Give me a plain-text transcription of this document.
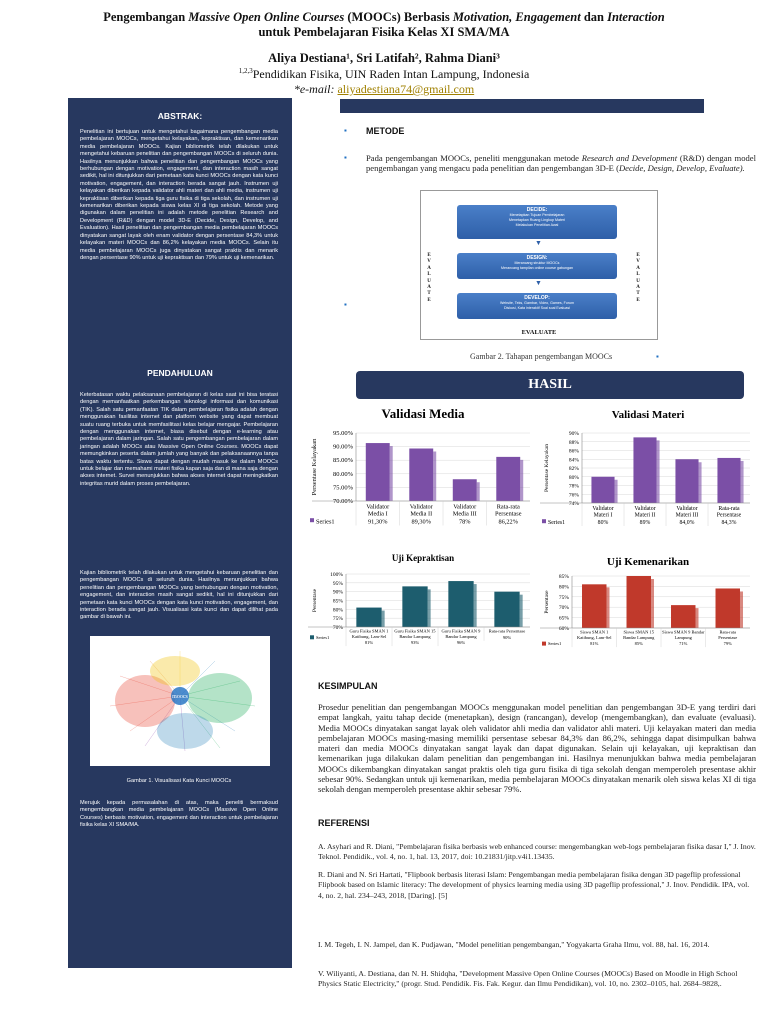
Pengembangan Massive Open Online Courses (MOOCs) Berbasis Motivation, Engagement dan Interaction
untuk Pembelajaran Fisika Kelas XI SMA/MA
Aliya Destiana¹, Sri Latifah², Rahma Diani³
$^{1,2,3}$Pendidikan Fisika, UIN Raden Intan Lampung, Indonesia
*e-mail: aliyadestiana74@gmail.com
ABSTRAK:
Penelitian ini bertujuan untuk mengetahui bagaimana pengembangan media pembelajaran MOOCs, mengetahui kelayakan, kepraktisan, dan kemenarikan media pembelajaran MOOCs. Kajian bibliometrik telah dilakukan untuk mengetahui kebaruan penelitian dan pengembangan MOOCs di seluruh dunia. Hasilnya menunjukkan bahwa penelitian dan pengembangan MOOCs yang berhubungan dengan motivation, engagement, dan interaction masih sangat sedikit, hal ini ditunjukkan dari pemetaan kata kunci MOOCs dengan kata kunci motivation, engagement, dan interaction berada sangat jauh. Instrumen uji kelayakan diberikan kepada validator ahli materi dan ahli media, instrumen uji kepraktisan diberikan kepada tiga guru fisika di tiga sekolah, dan instrumen uji kemenarikan diberikan kepada siswa kelas XI di tiga sekolah. Metode yang digunakan dalam penelitian ini adalah metode penelitian Research and Development (R&D) dengan model 3D-E (Decide, Design, Develop, and Evaluation). Hasil penelitian dan pengembangan media pembelajaran MOOCs dinyatakan sangat layak oleh enam validator dengan persentase 84,3% untuk kelayakan materi MOOCs dan 86,2% kelayakan media MOOCs. Selain itu media pembelajaran MOOCs juga dinyatakan sangat praktis dan menarik dengan persentase 90% untuk uji kepraktisan dan 79% untuk uji kemenarikan.
PENDAHULUAN
Keterbatasan waktu pelaksanaan pembelajaran di kelas saat ini bisa teratasi dengan memanfaatkan perkembangan teknologi informasi dan komunikasi (TIK). Salah satu pemanfaatan TIK dalam pembelajaran fisika adalah dengan menggunakan fasilitas internet dan platform website yang dapat membuat suatu ruang terbuka untuk memfasilitasi kelas belajar mengajar. Pembelajaran dengan menggunakan internet, biasa disebut dengan e-learning atau pembelajaran dalam jaringan. Salah satu pengembangan pembelajaran dalam jaringan adalah MOOCs atau Massive Open Online Courses. MOOCs dapat memungkinkan peserta dalam jumlah yang banyak dan pelaksanaannya tanpa batas waktu tertentu. Siswa dapat dengan mudah masuk ke dalam MOOCs untuk belajar dan memahami materi fisika kapan saja dan di mana saja dengan akses internet. Survei menunjukkan bahwa akses internet dapat meningkatkan integritas murid dalam proses pembelajaran.
Kajian bibliometrik telah dilakukan untuk mengetahui kebaruan penelitian dan pengembangan MOOCs di seluruh dunia. Hasilnya menunjukkan bahwa penelitian dan pengembangan MOOCs yang berhubungan dengan motivation, engagement, dan interaction masih sangat sedikit, hal ini ditunjukkan dari pemetaan kata kunci MOOCs dengan kata kunci motivation, engagement, dan interaction berada sangat jauh. Visualisasi kata kunci dan dapat dilihat pada gambar di bawah ini.
moocs
Gambar 1. Visualisasi Kata Kunci MOOCs
Merujuk kepada permasalahan di atas, maka peneliti bermaksud mengembangkan media pembelajaran MOOCs (Massive Open Online Courses) berbasis motivation, engagement dan interaction untuk pembelajaran fisika kelas XI SMA/MA.
▪ METODE
▪ Pada pengembangan MOOCs, peneliti menggunakan metode Research and Development (R&D) dengan model pengembangan yang mengacu pada penelitian dan pengembangan 3D-E (Decide, Design, Develop, Evaluate).
▪
DECIDE:
Menetapkan Tujuan Pembelajaran
Menetapkan Ruang Lingkup Materi
Melakukan Penelitian Awal
DESIGN:
Merancang struktur MOOCs
Merancang tampilan online course gabungan
DEVELOP:
Website, Teks, Gambar, Video, Games, Forum
Diskusi, Kata interaktif Soal soal Evaluasi
▼
▼
E
V
A
L
U
A
T
E
E
V
A
L
U
A
T
E
EVALUATE
Gambar 2. Tahapan pengembangan MOOCs	▪
HASIL
Validasi Media
70.00%
75.00%
80.00%
85.00%
90.00%
95.00%
Persentase Kelayakan
Validator Media I
91,30%
Validator Media II
89,30%
Validator Media III
78%
Rata-rata Persentase
86,22%
Series1
Validasi Materi
74%
76%
78%
80%
82%
84%
86%
88%
90%
Persentase Kelayakan
Validator Materi I
80%
Validator Materi II
89%
Validator Materi III
84,0%
Rata-rata Persentase
84,3%
Series1
Uji Kepraktisan
70%
75%
80%
85%
90%
95%
100%
Persentase
Guru Fisika SMAN 1 Katibung, Lam-Sel
81%
Guru Fisika SMAN 15 Bandar Lampung
93%
Guru Fisika SMAN 9 Bandar Lampung
96%
Rata-rata Persentase
90%
Series1
Uji Kemenarikan
60%
65%
70%
75%
80%
85%
Persentase
Siswa SMAN 1 Katibung, Lam-Sel
81%
Siswa SMAN 15 Bandar Lampung
85%
Siswa SMAN 9 Bandar Lampung
71%
Rata-rata Persentase
79%
Series1
KESIMPULAN
Prosedur penelitian dan pengembangan MOOCs menggunakan model penelitian dan pengembangan 3D-E yang terdiri dari empat langkah, yaitu tahap decide (menetapkan), design (rancangan), develop (mengembangkan), dan evaluate (evaluasi). Media MOOCs dinyatakan sangat layak oleh validator ahli media dan validator ahli materi. Uji kelayakan materi dan media pembelajaran MOOCs masing-masing memiliki persentase sebesar 84,3% dan 86,2%, sehingga dapat disimpulkan bahwa materi dan media MOOCs dinyatakan sangat layak dan dapat digunakan. Selain uji kelayakan, uji kepraktisan dan kemenarikan juga dilakukan dalam penelitian dan pengembangan ini. Hasilnya menunjukkan bahwa media pembelajaran MOOCs dikembangkan dinyatakan sangat praktis oleh tiga guru fisika di tiga sekolah dengan memperoleh presentase akhir sebesar 90%. Sedangkan untuk uji kemenarikan, media pembelajaran MOOCs dinyatakan menarik oleh siswa kelas XI di tiga sekolah dengan memperoleh presentase akhir sebesar 79%.
REFERENSI
A. Asyhari and R. Diani, "Pembelajaran fisika berbasis web enhanced course: mengembangkan web-logs pembelajaran fisika dasar I," J. Inov. Teknol. Pendidik., vol. 4, no. 1, hal. 13, 2017, doi: 10.21831/jitp.v4i1.13435.
R. Diani and N. Sri Hartati, "Flipbook berbasis literasi Islam: Pengembangan media pembelajaran fisika dengan 3D pageflip professional Flipbook based on Islamic literacy: The development of physics learning media using 3D pageflip professional," J. Inov. Pendidik. IPA, vol. 4, no. 2, hal. 234–243, 2018, [Daring]. [5]
I. M. Tegeh, I. N. Jampel, dan K. Pudjawan, "Model penelitian pengembangan," Yogyakarta Graha Ilmu, vol. 88, hal. 16, 2014.
V. Wiliyanti, A. Destiana, dan N. H. Shidqha, "Development Massive Open Online Courses (MOOCs) Based on Moodle in High School Physics Static Electricity," (progr. Stud. Pendidik. Fis. Fak. Kegur. dan Ilmu Pendidikan), vol. 10, no. 2302–0105, hal. 2684–9828,.
